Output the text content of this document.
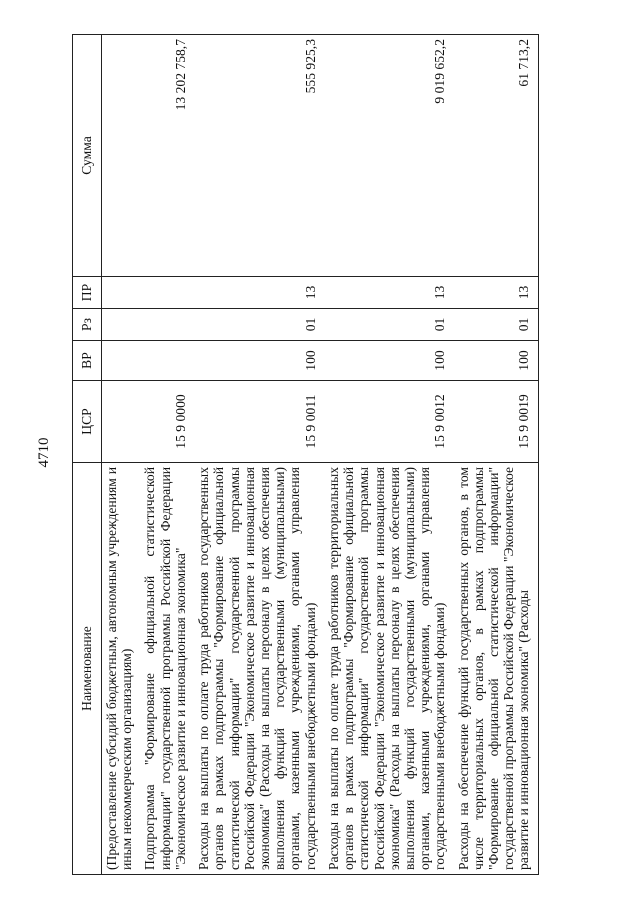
4710
Наименование	ЦСР	ВР	Рз	ПР	Сумма
(Предоставление субсидий бюджетным, автономным учреждениям и иным некоммерческим организациям)					
Подпрограмма "Формирование официальной статистической информации" государственной программы Российской Федерации "Экономическое развитие и инновационная экономика"	15 9 0000				13 202 758,7
Расходы на выплаты по оплате труда работников государственных органов в рамках подпрограммы "Формирование официальной статистической информации" государственной программы Российской Федерации "Экономическое развитие и инновационная экономика" (Расходы на выплаты персоналу в целях обеспечения выполнения функций государственными (муниципальными) органами, казенными учреждениями, органами управления государственными внебюджетными фондами)	15 9 0011	100	01	13	555 925,3
Расходы на выплаты по оплате труда работников территориальных органов в рамках подпрограммы "Формирование официальной статистической информации" государственной программы Российской Федерации "Экономическое развитие и инновационная экономика" (Расходы на выплаты персоналу в целях обеспечения выполнения функций государственными (муниципальными) органами, казенными учреждениями, органами управления государственными внебюджетными фондами)	15 9 0012	100	01	13	9 019 652,2
Расходы на обеспечение функций государственных органов, в том числе территориальных органов, в рамках подпрограммы "Формирование официальной статистической информации" государственной программы Российской Федерации "Экономическое развитие и инновационная экономика" (Расходы	15 9 0019	100	01	13	61 713,2
